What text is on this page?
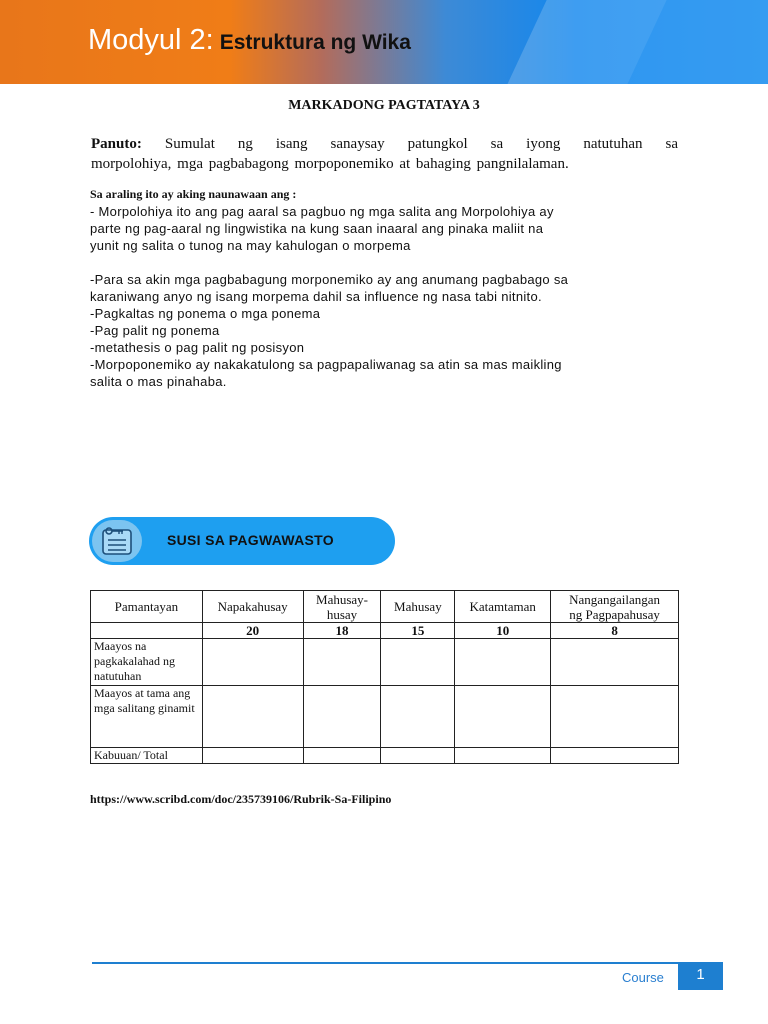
Modyul 2: Estruktura ng Wika
MARKADONG PAGTATAYA 3
Panuto: Sumulat ng isang sanaysay patungkol sa iyong natutuhan sa
morpolohiya, mga pagbabagong morpoponemiko at bahaging pangnilalaman.
Sa araling ito ay aking naunawaan ang :

- Morpolohiya ito ang pag aaral sa pagbuo ng mga salita ang Morpolohiya ay

parte ng pag-aaral ng lingwistika na kung saan inaaral ang pinaka maliit na

yunit ng salita o tunog na may kahulogan o morpema

-Para sa akin mga pagbabagung morponemiko ay ang anumang pagbabago sa

karaniwang anyo ng isang morpema dahil sa influence ng nasa tabi nitnito.

-Pagkaltas ng ponema o mga ponema

-Pag palit ng ponema

-metathesis o pag palit ng posisyon

-Morpoponemiko ay nakakatulong sa pagpapaliwanag sa atin sa mas maikling

salita o mas pinahaba.

SUSI SA PAGWAWASTO
Pamantayan	Napakahusay	Mahusay-
husay	Mahusay	Katamtaman	Nangangailangan
ng Pagpapahusay
	20	18	15	10	8
Maayos na pagkakalahad ng natutuhan					
Maayos at tama ang mga salitang ginamit					
Kabuuan/ Total					
https://www.scribd.com/doc/235739106/Rubrik-Sa-Filipino
Course	1
